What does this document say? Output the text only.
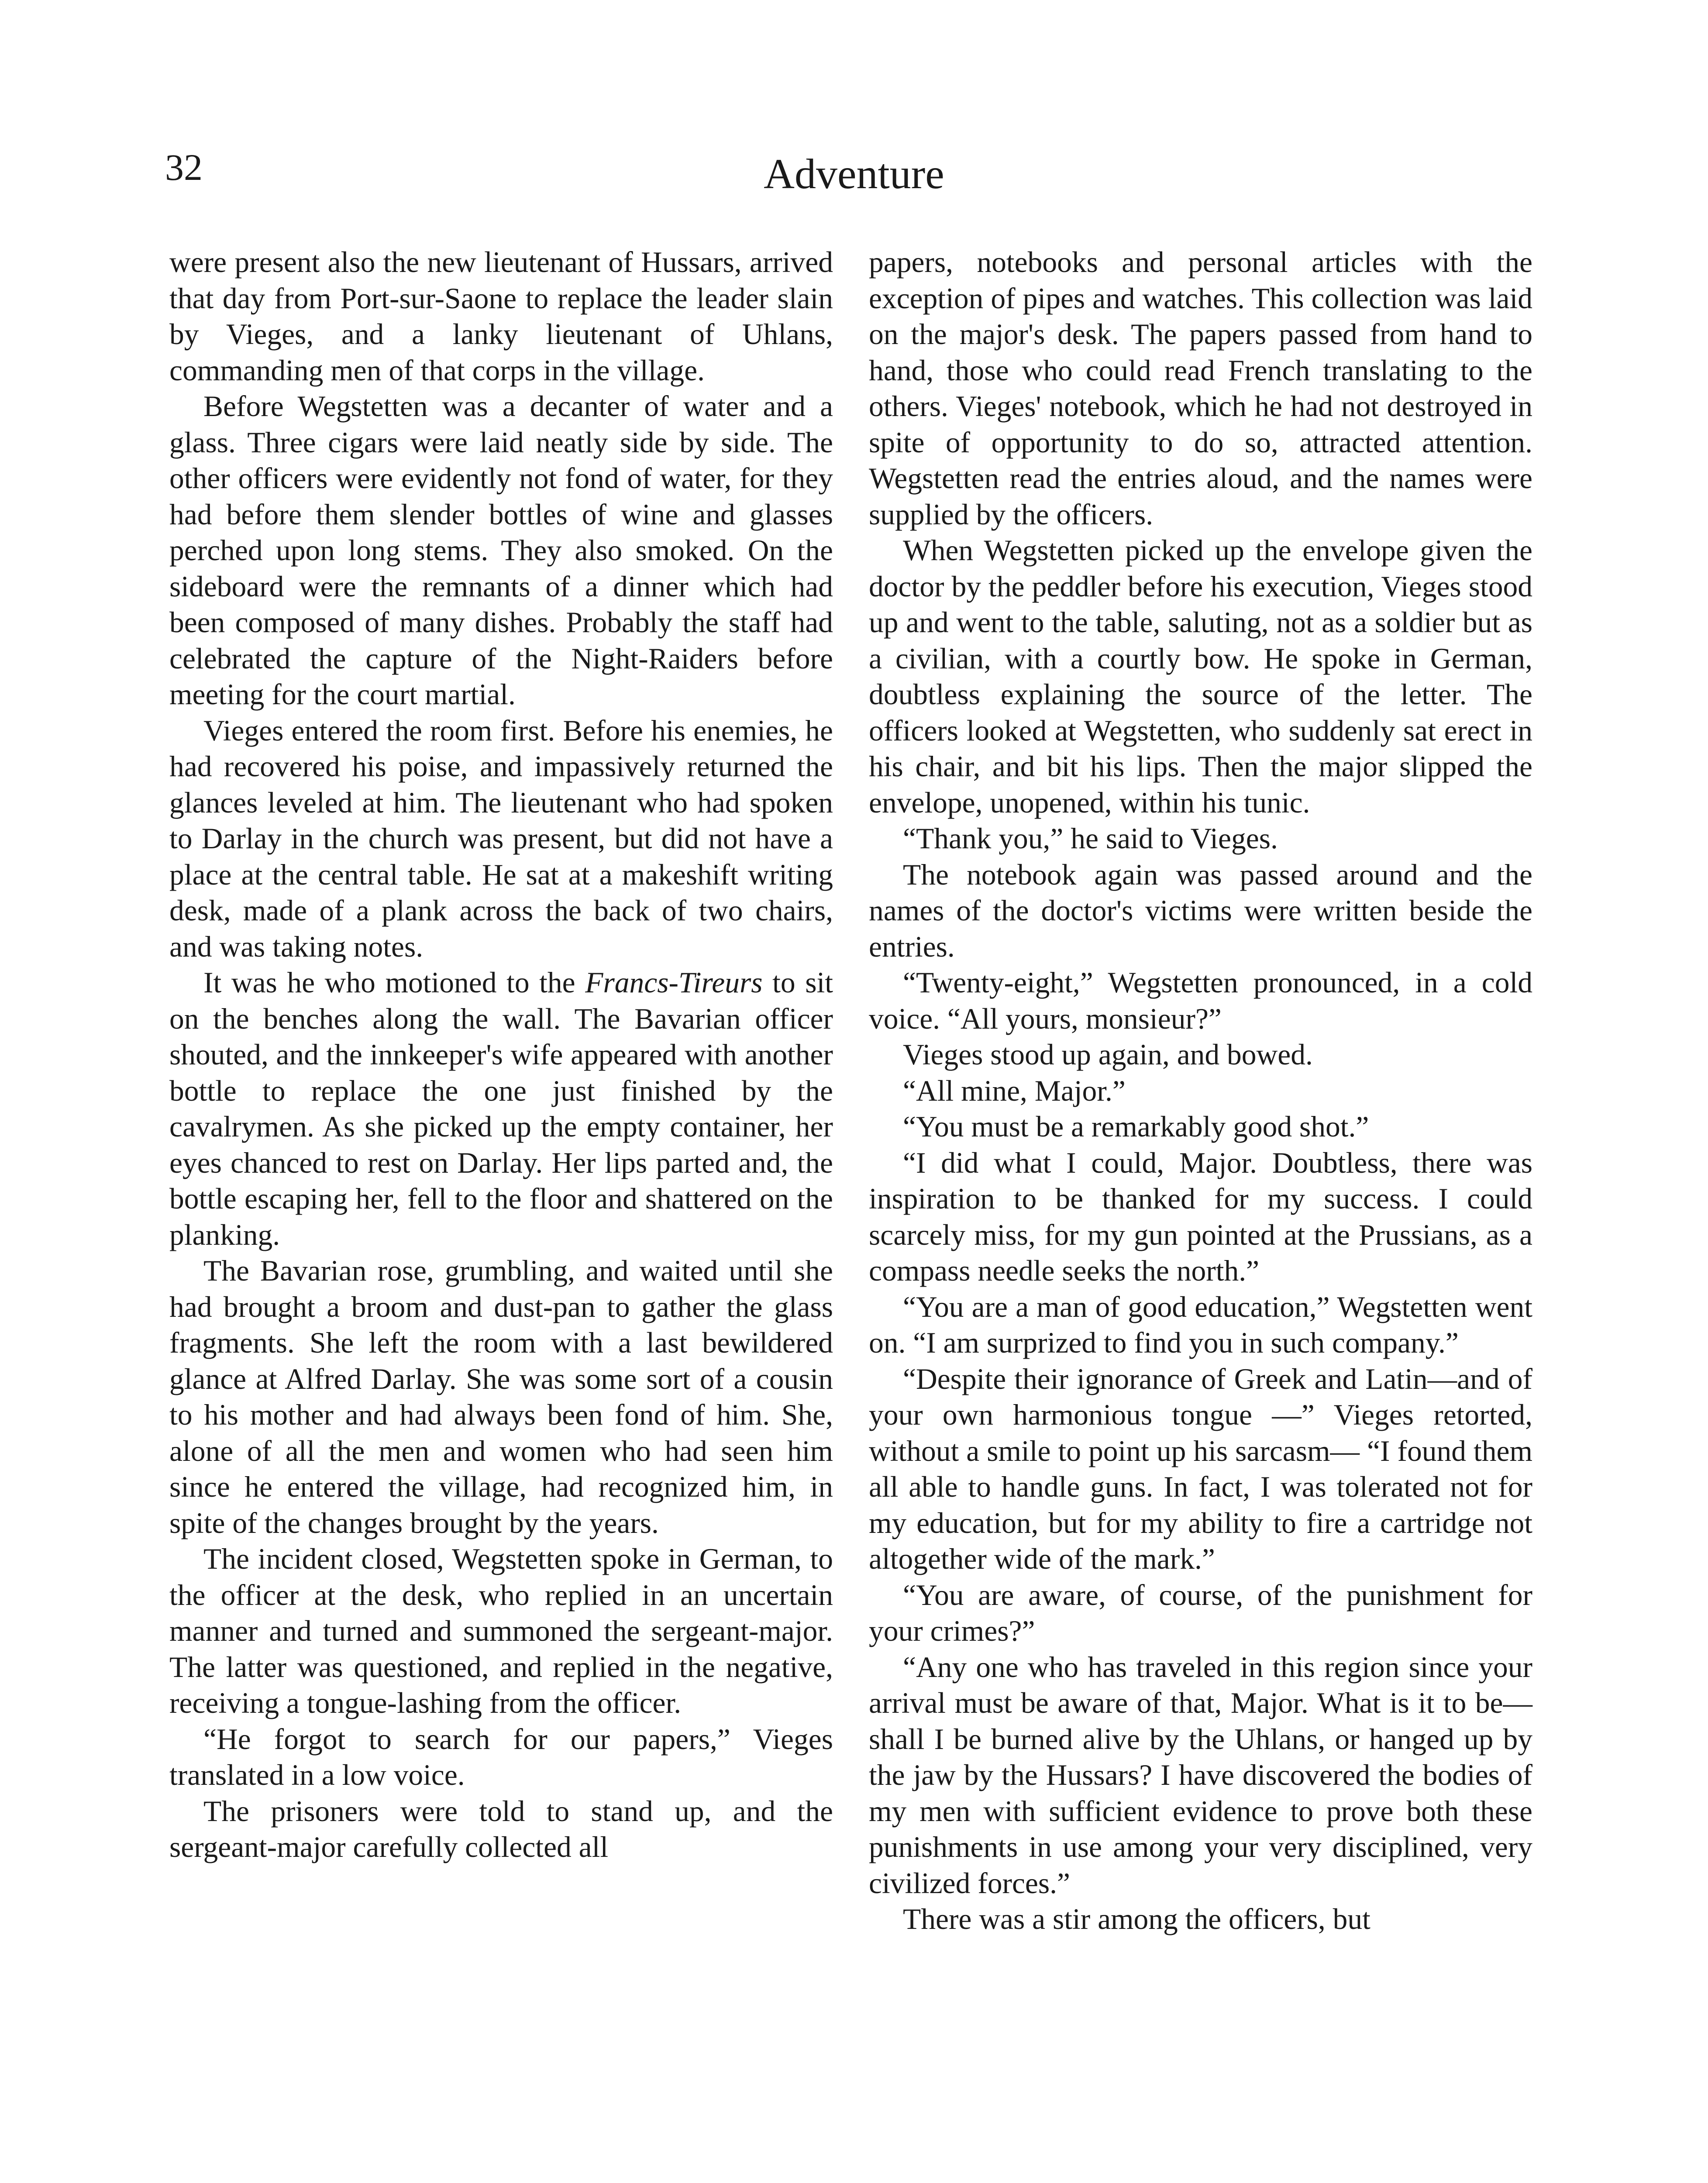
32	Adventure

were present also the new lieutenant of Hussars, arrived that day from Port-sur-Saone to replace the leader slain by Vieges, and a lanky lieutenant of Uhlans, commanding men of that corps in the village.

Before Wegstetten was a decanter of water and a glass. Three cigars were laid neatly side by side. The other officers were evidently not fond of water, for they had before them slender bottles of wine and glasses perched upon long stems. They also smoked. On the sideboard were the remnants of a dinner which had been composed of many dishes. Probably the staff had celebrated the capture of the Night-Raiders before meeting for the court martial.

Vieges entered the room first. Before his enemies, he had recovered his poise, and impassively returned the glances leveled at him. The lieutenant who had spoken to Darlay in the church was present, but did not have a place at the central table. He sat at a makeshift writing desk, made of a plank across the back of two chairs, and was taking notes.

It was he who motioned to the Francs-Tireurs to sit on the benches along the wall. The Bavarian officer shouted, and the innkeeper's wife appeared with another bottle to replace the one just finished by the cavalrymen. As she picked up the empty container, her eyes chanced to rest on Darlay. Her lips parted and, the bottle escaping her, fell to the floor and shattered on the planking.

The Bavarian rose, grumbling, and waited until she had brought a broom and dust-pan to gather the glass fragments. She left the room with a last bewildered glance at Alfred Darlay. She was some sort of a cousin to his mother and had always been fond of him. She, alone of all the men and women who had seen him since he entered the village, had recognized him, in spite of the changes brought by the years.

The incident closed, Wegstetten spoke in German, to the officer at the desk, who replied in an uncertain manner and turned and summoned the sergeant-major. The latter was questioned, and replied in the negative, receiving a tongue-lashing from the officer.

“He forgot to search for our papers,” Vieges translated in a low voice.

The prisoners were told to stand up, and the sergeant-major carefully collected all

papers, notebooks and personal articles with the exception of pipes and watches. This collection was laid on the major's desk. The papers passed from hand to hand, those who could read French translating to the others. Vieges' notebook, which he had not destroyed in spite of opportunity to do so, attracted attention. Wegstetten read the entries aloud, and the names were supplied by the officers.

When Wegstetten picked up the envelope given the doctor by the peddler before his execution, Vieges stood up and went to the table, saluting, not as a soldier but as a civilian, with a courtly bow. He spoke in German, doubtless explaining the source of the letter. The officers looked at Wegstetten, who suddenly sat erect in his chair, and bit his lips. Then the major slipped the envelope, unopened, within his tunic.

“Thank you,” he said to Vieges.

The notebook again was passed around and the names of the doctor's victims were written beside the entries.

“Twenty-eight,” Wegstetten pronounced, in a cold voice. “All yours, monsieur?”

Vieges stood up again, and bowed.

“All mine, Major.”

“You must be a remarkably good shot.”

“I did what I could, Major. Doubtless, there was inspiration to be thanked for my success. I could scarcely miss, for my gun pointed at the Prussians, as a compass needle seeks the north.”

“You are a man of good education,” Wegstetten went on. “I am surprized to find you in such company.”

“Despite their ignorance of Greek and Latin—and of your own harmonious tongue —” Vieges retorted, without a smile to point up his sarcasm— “I found them all able to handle guns. In fact, I was tolerated not for my education, but for my ability to fire a cartridge not altogether wide of the mark.”

“You are aware, of course, of the punishment for your crimes?”

“Any one who has traveled in this region since your arrival must be aware of that, Major. What is it to be—shall I be burned alive by the Uhlans, or hanged up by the jaw by the Hussars? I have discovered the bodies of my men with sufficient evidence to prove both these punishments in use among your very disciplined, very civilized forces.”

There was a stir among the officers, but
